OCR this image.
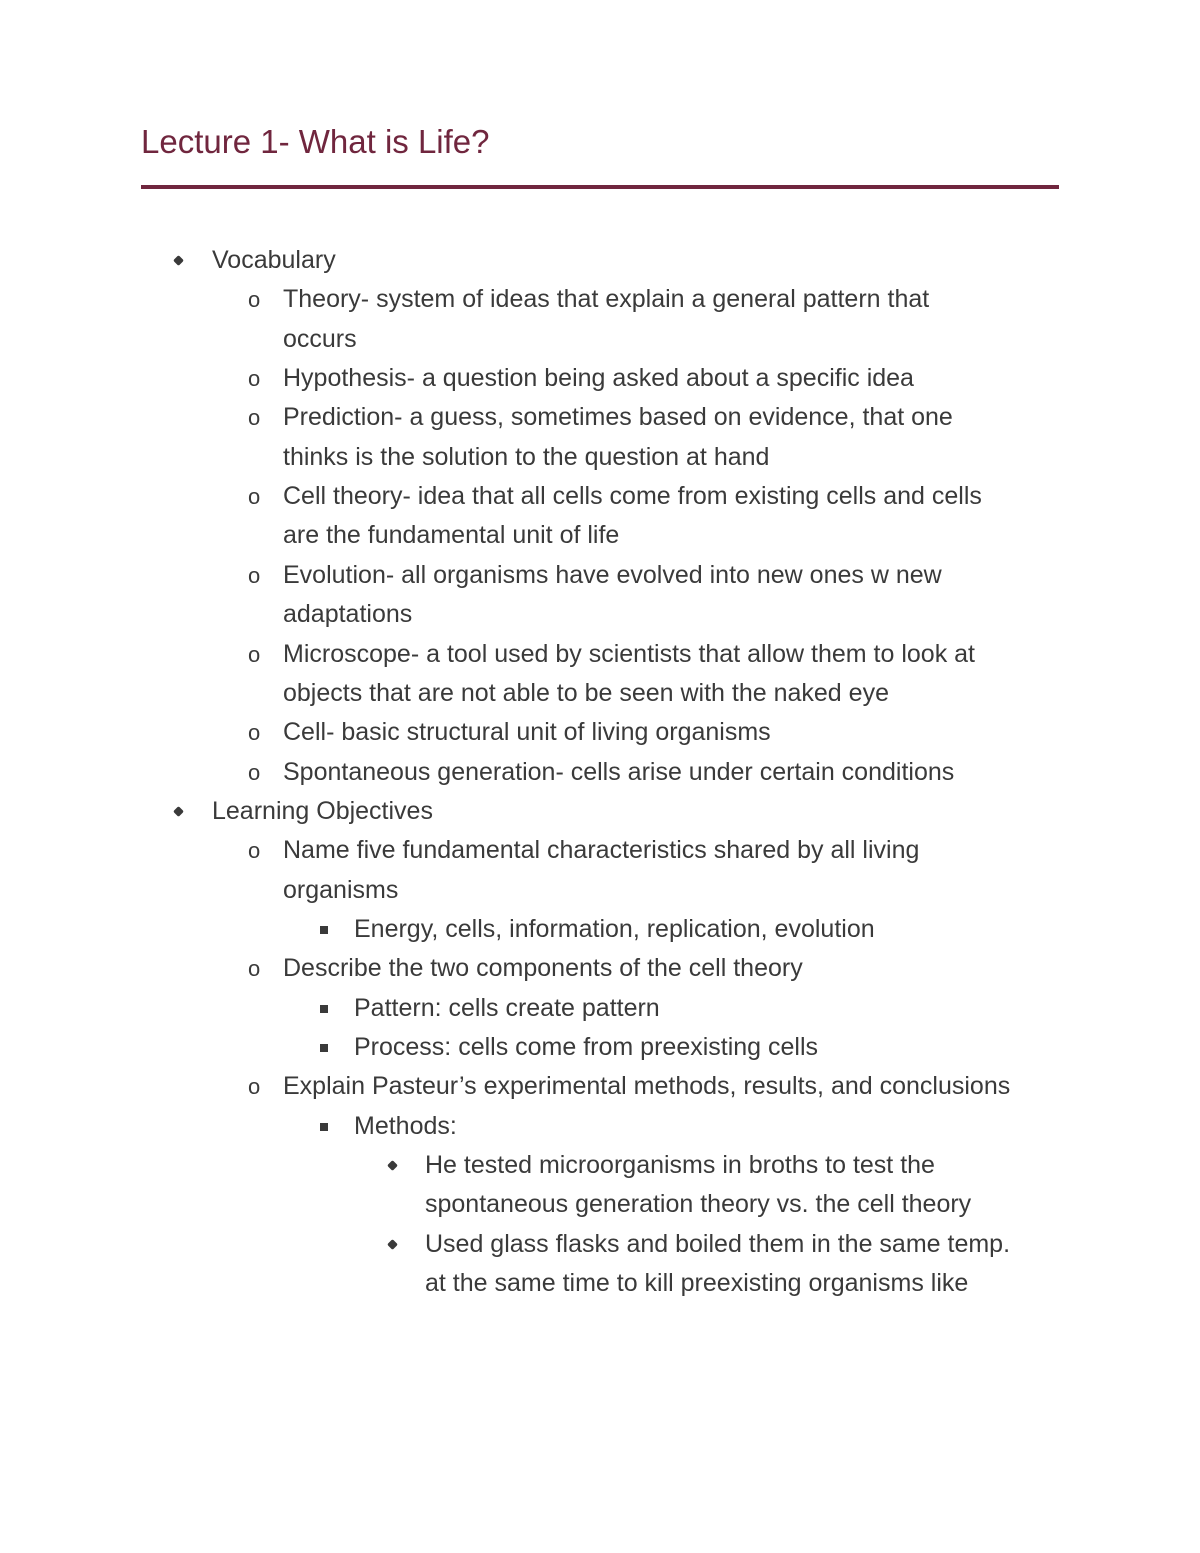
Lecture 1- What is Life?
Vocabulary
o Theory- system of ideas that explain a general pattern that
occurs
o Hypothesis- a question being asked about a specific idea
o Prediction- a guess, sometimes based on evidence, that one
thinks is the solution to the question at hand
o Cell theory- idea that all cells come from existing cells and cells
are the fundamental unit of life
o Evolution- all organisms have evolved into new ones w new
adaptations
o Microscope- a tool used by scientists that allow them to look at
objects that are not able to be seen with the naked eye
o Cell- basic structural unit of living organisms
o Spontaneous generation- cells arise under certain conditions
Learning Objectives
o Name five fundamental characteristics shared by all living
organisms
Energy, cells, information, replication, evolution
o Describe the two components of the cell theory
Pattern: cells create pattern
Process: cells come from preexisting cells
o Explain Pasteur’s experimental methods, results, and conclusions
Methods:
He tested microorganisms in broths to test the
spontaneous generation theory vs. the cell theory
Used glass flasks and boiled them in the same temp.
at the same time to kill preexisting organisms like
